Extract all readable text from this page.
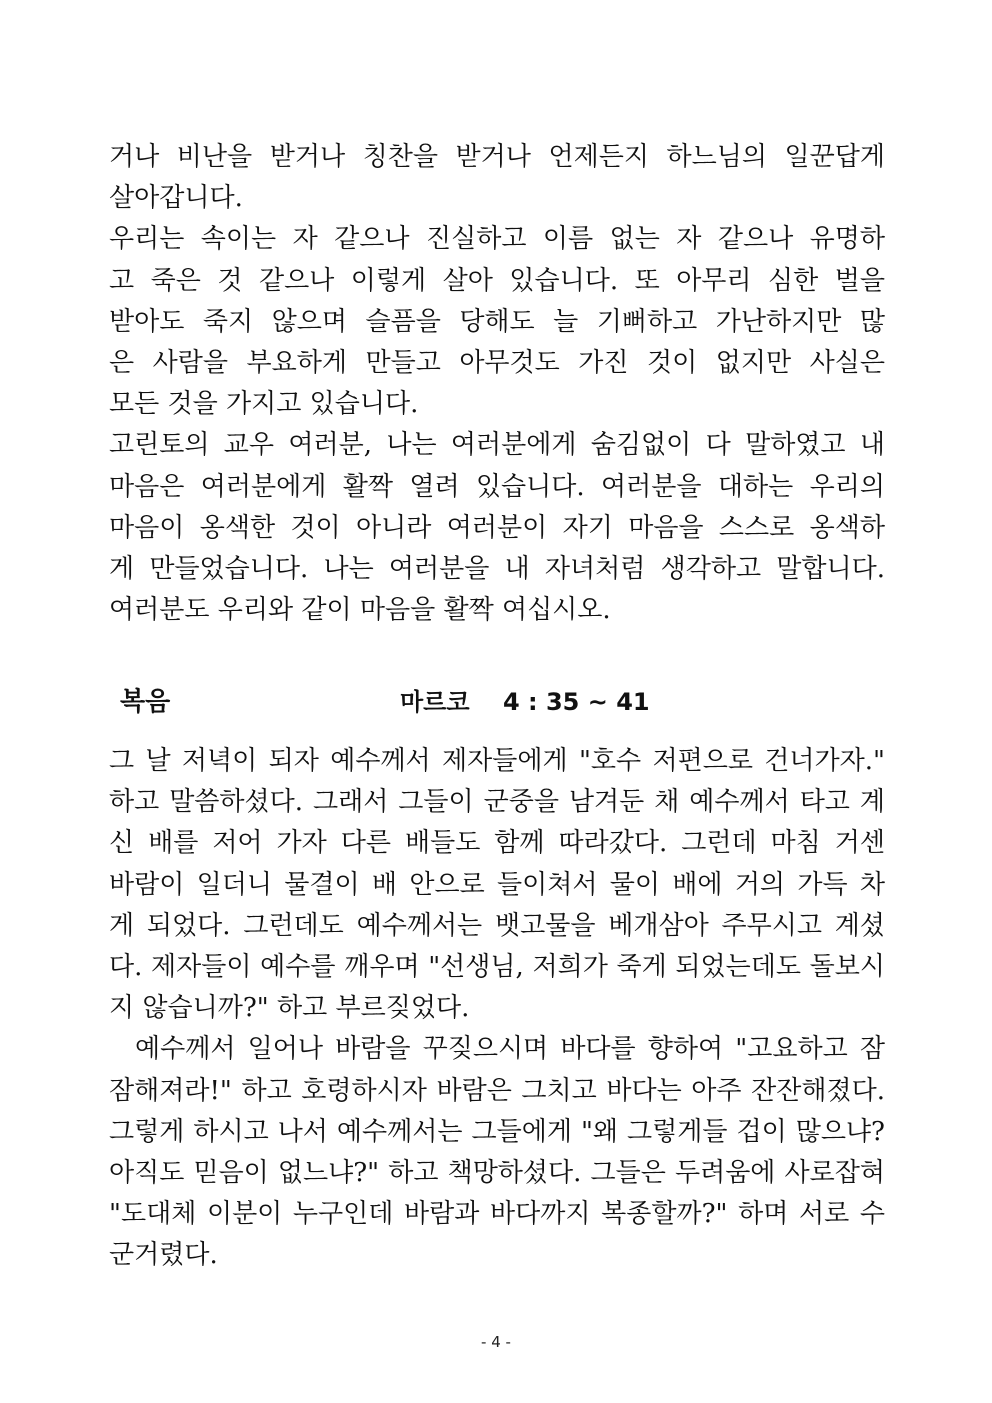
거나 비난을 받거나 칭찬을 받거나 언제든지 하느님의 일꾼답게
살아갑니다.
우리는 속이는 자 같으나 진실하고 이름 없는 자 같으나 유명하
고 죽은 것 같으나 이렇게 살아 있습니다. 또 아무리 심한 벌을
받아도 죽지 않으며 슬픔을 당해도 늘 기뻐하고 가난하지만 많
은 사람을 부요하게 만들고 아무것도 가진 것이 없지만 사실은
모든 것을 가지고 있습니다.
고린토의 교우 여러분, 나는 여러분에게 숨김없이 다 말하였고 내
마음은 여러분에게 활짝 열려 있습니다. 여러분을 대하는 우리의
마음이 옹색한 것이 아니라 여러분이 자기 마음을 스스로 옹색하
게 만들었습니다. 나는 여러분을 내 자녀처럼 생각하고 말합니다.
여러분도 우리와 같이 마음을 활짝 여십시오.
복음	마르코    4 : 35 ~ 41
그 날 저녁이 되자 예수께서 제자들에게 "호수 저편으로 건너가자."
하고 말씀하셨다. 그래서 그들이 군중을 남겨둔 채 예수께서 타고 계
신 배를 저어 가자 다른 배들도 함께 따라갔다. 그런데 마침 거센
바람이 일더니 물결이 배 안으로 들이쳐서 물이 배에 거의 가득 차
게 되었다. 그런데도 예수께서는 뱃고물을 베개삼아 주무시고 계셨
다. 제자들이 예수를 깨우며 "선생님, 저희가 죽게 되었는데도 돌보시
지 않습니까?" 하고 부르짖었다.
예수께서 일어나 바람을 꾸짖으시며 바다를 향하여 "고요하고 잠
잠해져라!" 하고 호령하시자 바람은 그치고 바다는 아주 잔잔해졌다.
그렇게 하시고 나서 예수께서는 그들에게 "왜 그렇게들 겁이 많으냐?
아직도 믿음이 없느냐?" 하고 책망하셨다. 그들은 두려움에 사로잡혀
"도대체 이분이 누구인데 바람과 바다까지 복종할까?" 하며 서로 수
군거렸다.
- 4 -
